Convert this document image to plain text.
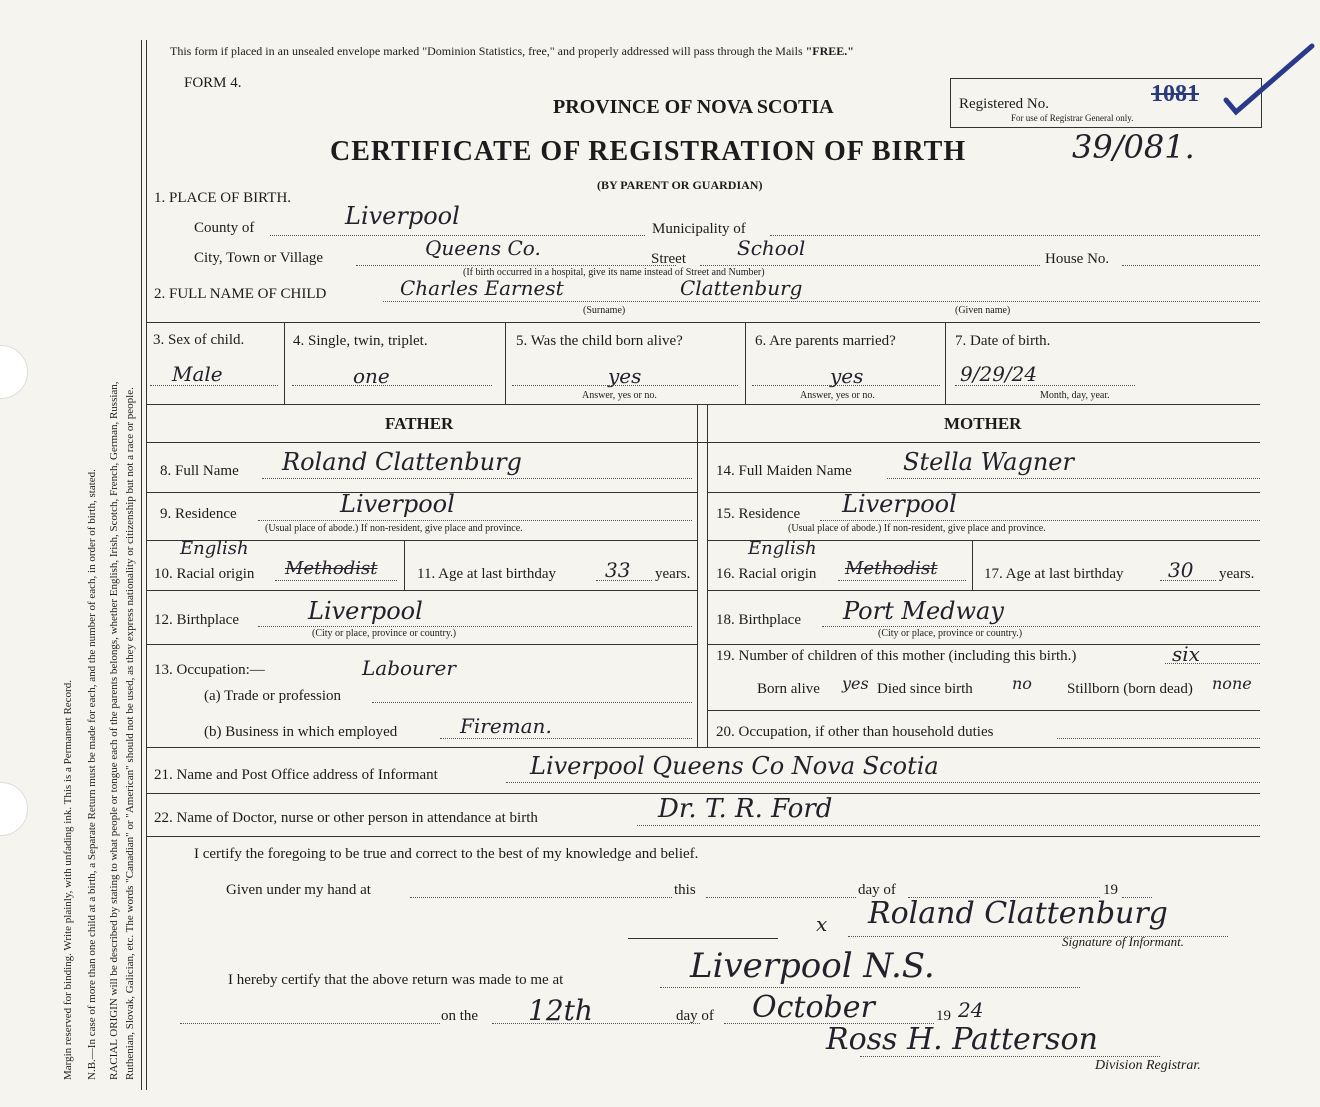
Margin reserved for binding. Write plainly, with unfading ink. This is a Permanent Record. N.B.—In case of more than one child at a birth, a Separate Return must be made for each, and the number of each, in order of birth, stated. RACIAL ORIGIN will be described by stating to what people or tongue each of the parents belongs, whether English, Irish, Scotch, French, German, Russian, Ruthenian, Slovak, Galician, etc. The words "Canadian" or "American" should not be used, as they express nationality or citizenship but not a race or people.
This form if placed in an unsealed envelope marked "Dominion Statistics, free," and properly addressed will pass through the Mails "FREE."
FORM 4.
PROVINCE OF NOVA SCOTIA	Registered No.	1081
For use of Registrar General only.
CERTIFICATE OF REGISTRATION OF BIRTH	39/081.
(BY PARENT OR GUARDIAN)
1. PLACE OF BIRTH.
County of	Liverpool	Municipality of
City, Town or Village	Queens Co.	Street	School	House No.
(If birth occurred in a hospital, give its name instead of Street and Number)
2. FULL NAME OF CHILD	Charles Earnest	Clattenburg
(Surname)	(Given name)
3. Sex of child.
Male
4. Single, twin, triplet.
one
5. Was the child born alive?
yes
Answer, yes or no.
6. Are parents married?
yes
Answer, yes or no.
7. Date of birth.
9/29/24
Month, day, year.
FATHER	MOTHER
8. Full Name Roland Clattenburg
9. Residence	Liverpool
(Usual place of abode.) If non-resident, give place and province.
10. Racial origin
English
Methodist	11. Age at last birthday 33 years.
12. Birthplace	Liverpool
(City or place, province or country.)
13. Occupation:—	Labourer
(a) Trade or profession
(b) Business in which employed	Fireman.
14. Full Maiden Name Stella Wagner
15. Residence Liverpool
(Usual place of abode.) If non-resident, give place and province.
16. Racial origin
English
Methodist	17. Age at last birthday 30 years.
18. Birthplace Port Medway
(City or place, province or country.)
19. Number of children of this mother (including this birth.)	six
Born alive yes Died since birth no Stillborn (born dead) none
20. Occupation, if other than household duties
21. Name and Post Office address of Informant	Liverpool Queens Co Nova Scotia
22. Name of Doctor, nurse or other person in attendance at birth	Dr. T. R. Ford
I certify the foregoing to be true and correct to the best of my knowledge and belief.
Given under my hand at	this	day of	19
x Roland Clattenburg
Signature of Informant.
I hereby certify that the above return was made to me at	Liverpool N.S.
on the 12th	day of October	19 24
Ross H. Patterson
Division Registrar.
